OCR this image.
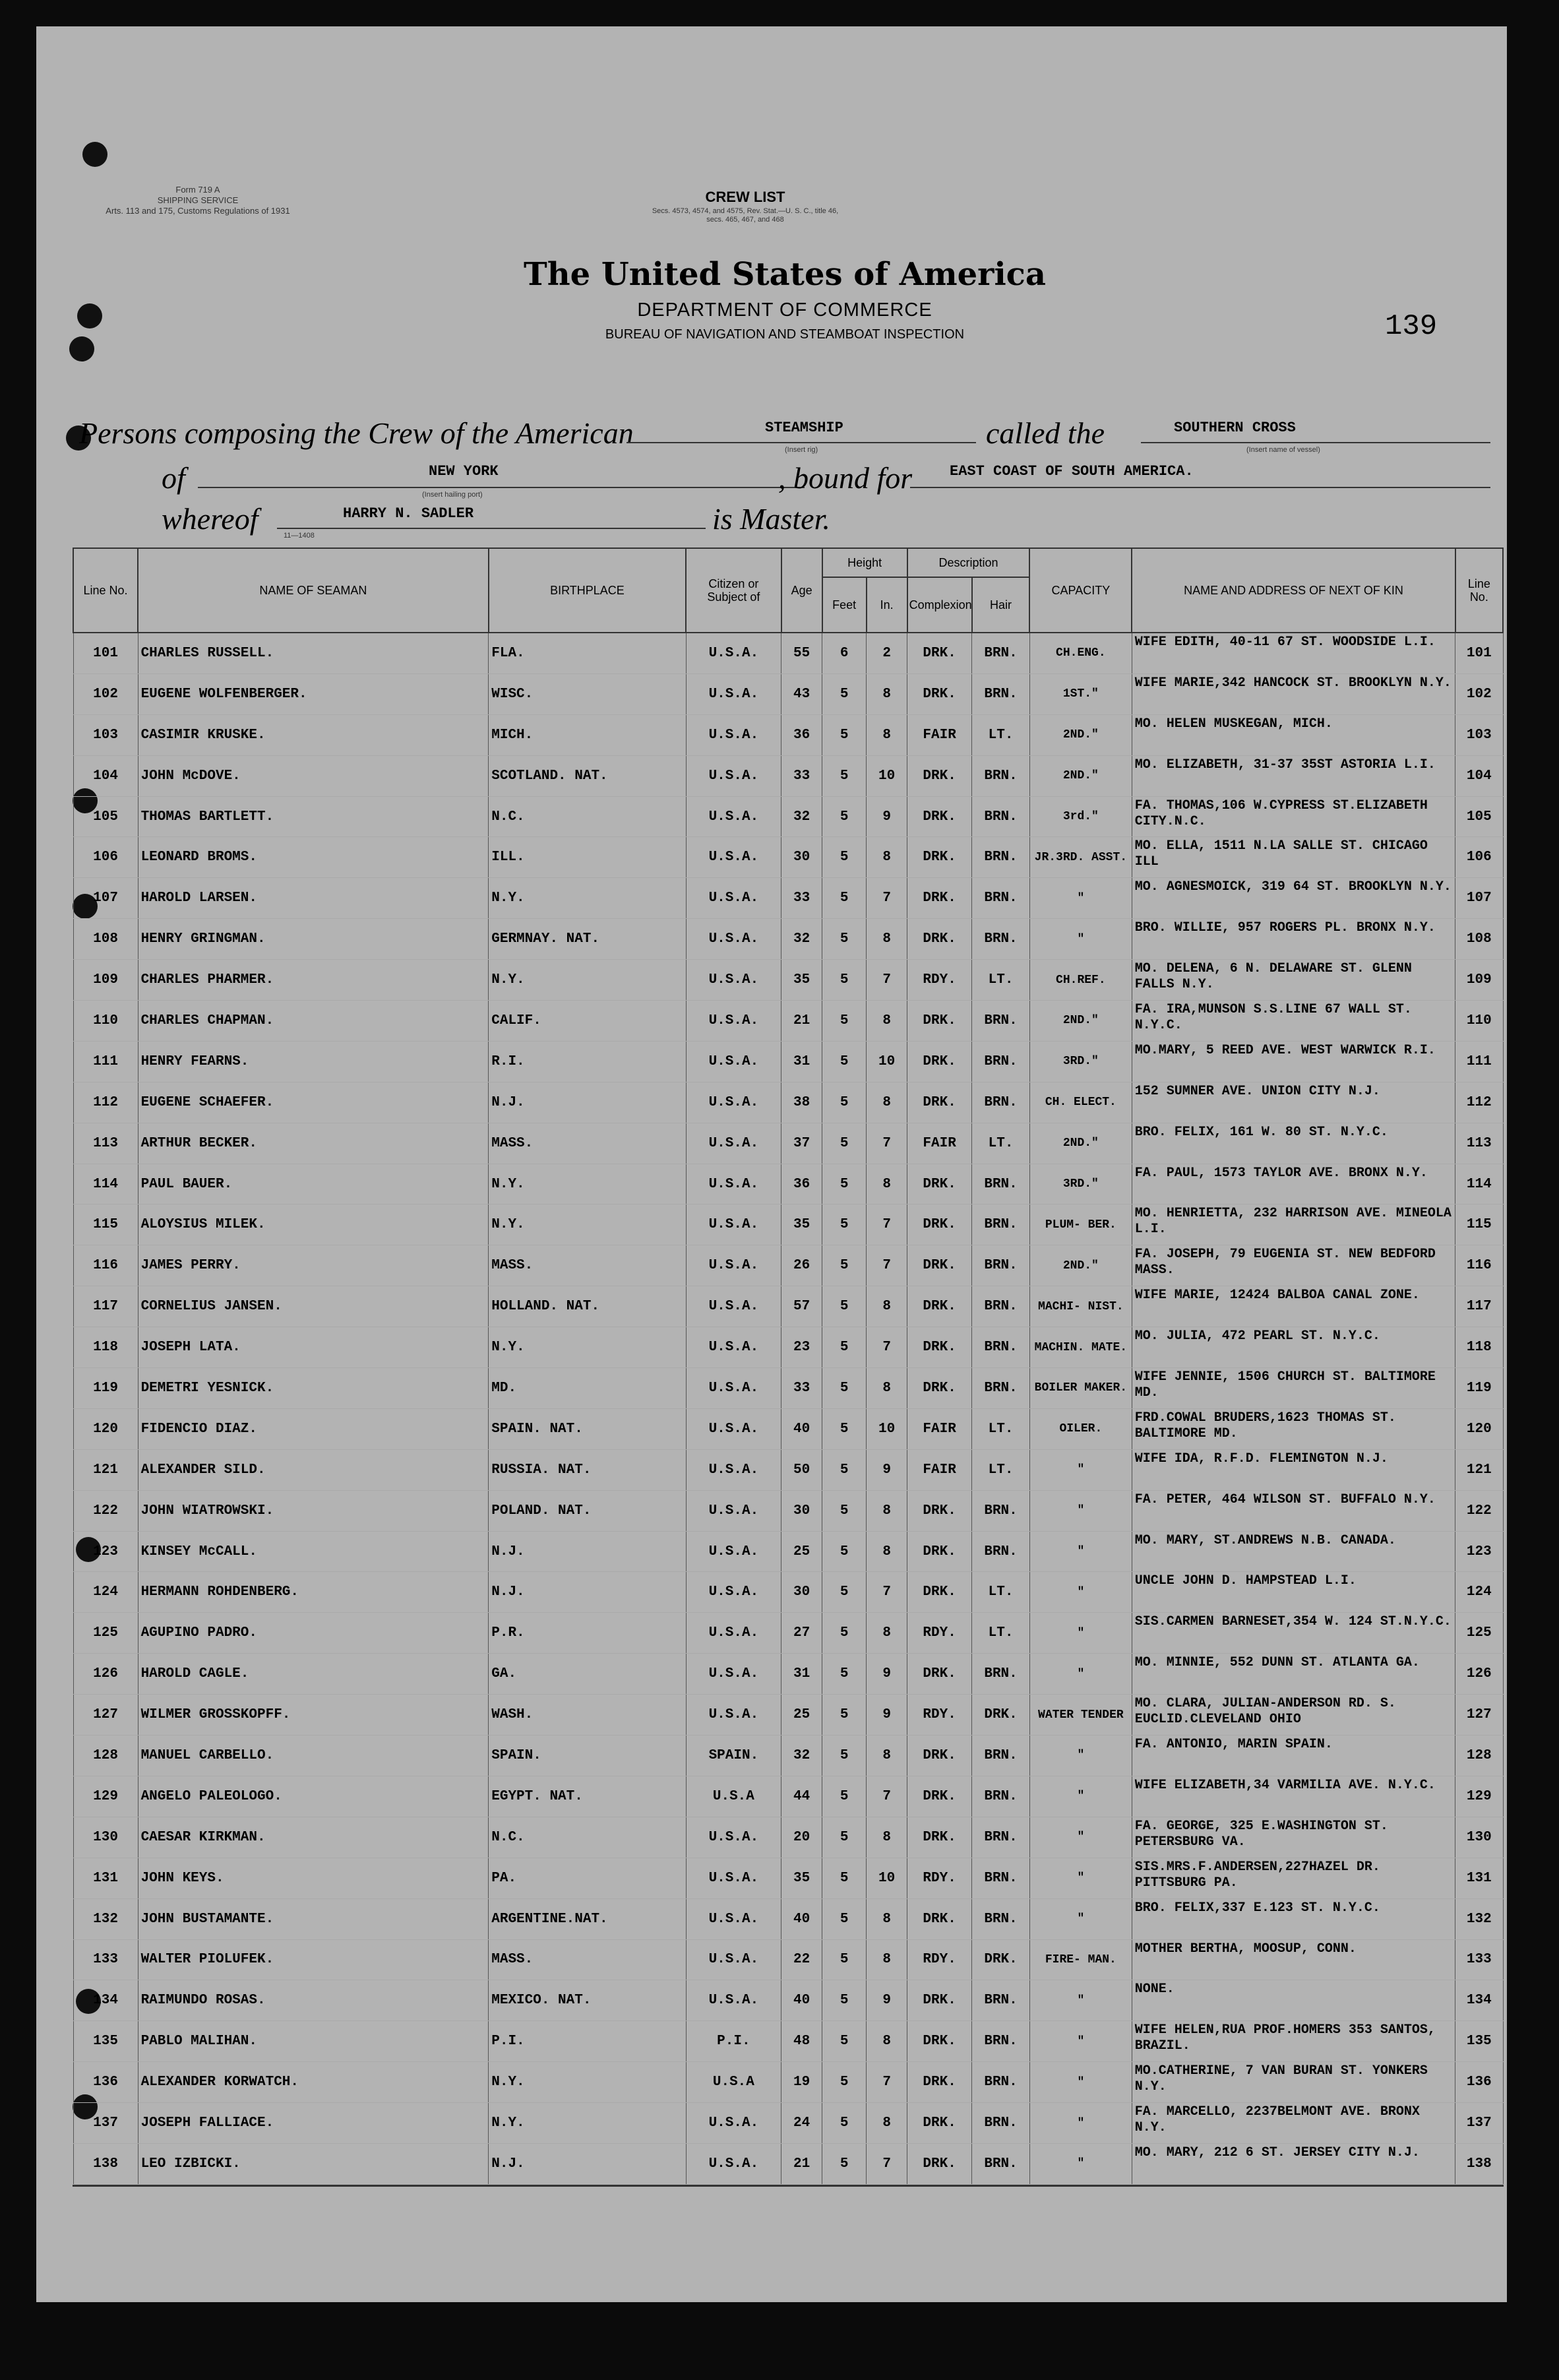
Form 719 A
SHIPPING SERVICE
Arts. 113 and 175, Customs Regulations of 1931
CREW LIST
Secs. 4573, 4574, and 4575, Rev. Stat.—U. S. C., title 46,
secs. 465, 467, and 468
The United States of America
DEPARTMENT OF COMMERCE
BUREAU OF NAVIGATION AND STEAMBOAT INSPECTION	139
Persons composing the Crew of the American	STEAMSHIP
(Insert rig)	called the	SOUTHERN CROSS
(Insert name of vessel)
of	NEW YORK
(Insert hailing port)	, bound for	EAST COAST OF SOUTH AMERICA.
whereof	HARRY N. SADLER
11—1408	is Master.
Line No.	NAME OF SEAMAN	BIRTHPLACE	Citizen or Subject of	Age	Height		Description		CAPACITY	NAME AND ADDRESS OF NEXT OF KIN	Line No.
					Feet	In.	Complexion	Hair			
101	CHARLES RUSSELL.	FLA.	U.S.A.	55	6	2	DRK.	BRN.	CH.ENG.	WIFE EDITH, 40-11 67 ST. WOODSIDE L.I.	101
102	EUGENE WOLFENBERGER.	WISC.	U.S.A.	43	5	8	DRK.	BRN.	1ST."	WIFE MARIE,342 HANCOCK ST. BROOKLYN N.Y.	102
103	CASIMIR KRUSKE.	MICH.	U.S.A.	36	5	8	FAIR	LT.	2ND."	MO. HELEN MUSKEGAN, MICH.	103
104	JOHN McDOVE.	SCOTLAND. NAT.	U.S.A.	33	5	10	DRK.	BRN.	2ND."	MO. ELIZABETH, 31-37 35ST ASTORIA L.I.	104
105	THOMAS BARTLETT.	N.C.	U.S.A.	32	5	9	DRK.	BRN.	3rd."	FA. THOMAS,106 W.CYPRESS ST.ELIZABETH CITY.N.C.	105
106	LEONARD BROMS.	ILL.	U.S.A.	30	5	8	DRK.	BRN.	JR.3RD. ASST.	MO. ELLA, 1511 N.LA SALLE ST. CHICAGO ILL	106
107	HAROLD LARSEN.	N.Y.	U.S.A.	33	5	7	DRK.	BRN.	"	MO. AGNESMOICK, 319 64 ST. BROOKLYN N.Y.	107
108	HENRY GRINGMAN.	GERMNAY. NAT.	U.S.A.	32	5	8	DRK.	BRN.	"	BRO. WILLIE, 957 ROGERS PL. BRONX N.Y.	108
109	CHARLES PHARMER.	N.Y.	U.S.A.	35	5	7	RDY.	LT.	CH.REF.	MO. DELENA, 6 N. DELAWARE ST. GLENN FALLS N.Y.	109
110	CHARLES CHAPMAN.	CALIF.	U.S.A.	21	5	8	DRK.	BRN.	2ND."	FA. IRA,MUNSON S.S.LINE 67 WALL ST. N.Y.C.	110
111	HENRY FEARNS.	R.I.	U.S.A.	31	5	10	DRK.	BRN.	3RD."	MO.MARY, 5 REED AVE. WEST WARWICK R.I.	111
112	EUGENE SCHAEFER.	N.J.	U.S.A.	38	5	8	DRK.	BRN.	CH. ELECT.	152 SUMNER AVE. UNION CITY N.J.	112
113	ARTHUR BECKER.	MASS.	U.S.A.	37	5	7	FAIR	LT.	2ND."	BRO. FELIX, 161 W. 80 ST. N.Y.C.	113
114	PAUL BAUER.	N.Y.	U.S.A.	36	5	8	DRK.	BRN.	3RD."	FA. PAUL, 1573 TAYLOR AVE. BRONX N.Y.	114
115	ALOYSIUS MILEK.	N.Y.	U.S.A.	35	5	7	DRK.	BRN.	PLUM- BER.	MO. HENRIETTA, 232 HARRISON AVE. MINEOLA L.I.	115
116	JAMES PERRY.	MASS.	U.S.A.	26	5	7	DRK.	BRN.	2ND."	FA. JOSEPH, 79 EUGENIA ST. NEW BEDFORD MASS.	116
117	CORNELIUS JANSEN.	HOLLAND. NAT.	U.S.A.	57	5	8	DRK.	BRN.	MACHI- NIST.	WIFE MARIE, 12424 BALBOA CANAL ZONE.	117
118	JOSEPH LATA.	N.Y.	U.S.A.	23	5	7	DRK.	BRN.	MACHIN. MATE.	MO. JULIA, 472 PEARL ST. N.Y.C.	118
119	DEMETRI YESNICK.	MD.	U.S.A.	33	5	8	DRK.	BRN.	BOILER MAKER.	WIFE JENNIE, 1506 CHURCH ST. BALTIMORE MD.	119
120	FIDENCIO DIAZ.	SPAIN. NAT.	U.S.A.	40	5	10	FAIR	LT.	OILER.	FRD.COWAL BRUDERS,1623 THOMAS ST. BALTIMORE MD.	120
121	ALEXANDER SILD.	RUSSIA. NAT.	U.S.A.	50	5	9	FAIR	LT.	"	WIFE IDA, R.F.D. FLEMINGTON N.J.	121
122	JOHN WIATROWSKI.	POLAND. NAT.	U.S.A.	30	5	8	DRK.	BRN.	"	FA. PETER, 464 WILSON ST. BUFFALO N.Y.	122
123	KINSEY McCALL.	N.J.	U.S.A.	25	5	8	DRK.	BRN.	"	MO. MARY, ST.ANDREWS N.B. CANADA.	123
124	HERMANN ROHDENBERG.	N.J.	U.S.A.	30	5	7	DRK.	LT.	"	UNCLE JOHN D. HAMPSTEAD L.I.	124
125	AGUPINO PADRO.	P.R.	U.S.A.	27	5	8	RDY.	LT.	"	SIS.CARMEN BARNESET,354 W. 124 ST.N.Y.C.	125
126	HAROLD CAGLE.	GA.	U.S.A.	31	5	9	DRK.	BRN.	"	MO. MINNIE, 552 DUNN ST. ATLANTA GA.	126
127	WILMER GROSSKOPFF.	WASH.	U.S.A.	25	5	9	RDY.	DRK.	WATER TENDER	MO. CLARA, JULIAN-ANDERSON RD. S. EUCLID.CLEVELAND OHIO	127
128	MANUEL CARBELLO.	SPAIN.	SPAIN.	32	5	8	DRK.	BRN.	"	FA. ANTONIO, MARIN SPAIN.	128
129	ANGELO PALEOLOGO.	EGYPT. NAT.	U.S.A	44	5	7	DRK.	BRN.	"	WIFE ELIZABETH,34 VARMILIA AVE. N.Y.C.	129
130	CAESAR KIRKMAN.	N.C.	U.S.A.	20	5	8	DRK.	BRN.	"	FA. GEORGE, 325 E.WASHINGTON ST. PETERSBURG VA.	130
131	JOHN KEYS.	PA.	U.S.A.	35	5	10	RDY.	BRN.	"	SIS.MRS.F.ANDERSEN,227HAZEL DR. PITTSBURG PA.	131
132	JOHN BUSTAMANTE.	ARGENTINE.NAT.	U.S.A.	40	5	8	DRK.	BRN.	"	BRO. FELIX,337 E.123 ST. N.Y.C.	132
133	WALTER PIOLUFEK.	MASS.	U.S.A.	22	5	8	RDY.	DRK.	FIRE- MAN.	MOTHER BERTHA, MOOSUP, CONN.	133
134	RAIMUNDO ROSAS.	MEXICO. NAT.	U.S.A.	40	5	9	DRK.	BRN.	"	NONE.	134
135	PABLO MALIHAN.	P.I.	P.I.	48	5	8	DRK.	BRN.	"	WIFE HELEN,RUA PROF.HOMERS 353 SANTOS, BRAZIL.	135
136	ALEXANDER KORWATCH.	N.Y.	U.S.A	19	5	7	DRK.	BRN.	"	MO.CATHERINE, 7 VAN BURAN ST. YONKERS N.Y.	136
137	JOSEPH FALLIACE.	N.Y.	U.S.A.	24	5	8	DRK.	BRN.	"	FA. MARCELLO, 2237BELMONT AVE. BRONX N.Y.	137
138	LEO IZBICKI.	N.J.	U.S.A.	21	5	7	DRK.	BRN.	"	MO. MARY, 212 6 ST. JERSEY CITY N.J.	138
